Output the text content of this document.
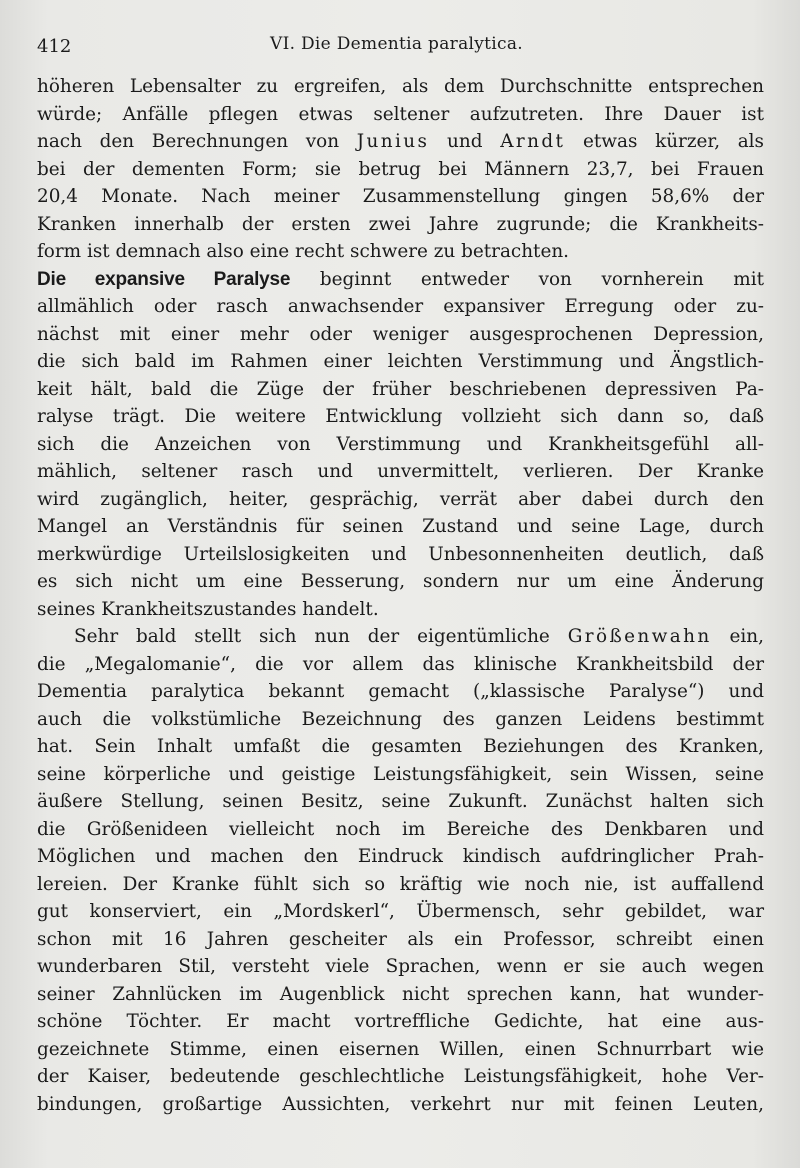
412	VI. Die Dementia paralytica.
höheren Lebensalter zu ergreifen, als dem Durchschnitte entsprechen
würde; Anfälle pflegen etwas seltener aufzutreten. Ihre Dauer ist
nach den Berechnungen von Junius und Arndt etwas kürzer, als
bei der dementen Form; sie betrug bei Männern 23,7, bei Frauen
20,4 Monate. Nach meiner Zusammenstellung gingen 58,6% der
Kranken innerhalb der ersten zwei Jahre zugrunde; die Krankheits-
form ist demnach also eine recht schwere zu betrachten.
Die expansive Paralyse beginnt entweder von vornherein mit
allmählich oder rasch anwachsender expansiver Erregung oder zu-
nächst mit einer mehr oder weniger ausgesprochenen Depression,
die sich bald im Rahmen einer leichten Verstimmung und Ängstlich-
keit hält, bald die Züge der früher beschriebenen depressiven Pa-
ralyse trägt. Die weitere Entwicklung vollzieht sich dann so, daß
sich die Anzeichen von Verstimmung und Krankheitsgefühl all-
mählich, seltener rasch und unvermittelt, verlieren. Der Kranke
wird zugänglich, heiter, gesprächig, verrät aber dabei durch den
Mangel an Verständnis für seinen Zustand und seine Lage, durch
merkwürdige Urteilslosigkeiten und Unbesonnenheiten deutlich, daß
es sich nicht um eine Besserung, sondern nur um eine Änderung
seines Krankheitszustandes handelt.
Sehr bald stellt sich nun der eigentümliche Größenwahn ein,
die „Megalomanie“, die vor allem das klinische Krankheitsbild der
Dementia paralytica bekannt gemacht („klassische Paralyse“) und
auch die volkstümliche Bezeichnung des ganzen Leidens bestimmt
hat. Sein Inhalt umfaßt die gesamten Beziehungen des Kranken,
seine körperliche und geistige Leistungsfähigkeit, sein Wissen, seine
äußere Stellung, seinen Besitz, seine Zukunft. Zunächst halten sich
die Größenideen vielleicht noch im Bereiche des Denkbaren und
Möglichen und machen den Eindruck kindisch aufdringlicher Prah-
lereien. Der Kranke fühlt sich so kräftig wie noch nie, ist auffallend
gut konserviert, ein „Mordskerl“, Übermensch, sehr gebildet, war
schon mit 16 Jahren gescheiter als ein Professor, schreibt einen
wunderbaren Stil, versteht viele Sprachen, wenn er sie auch wegen
seiner Zahnlücken im Augenblick nicht sprechen kann, hat wunder-
schöne Töchter. Er macht vortreffliche Gedichte, hat eine aus-
gezeichnete Stimme, einen eisernen Willen, einen Schnurrbart wie
der Kaiser, bedeutende geschlechtliche Leistungsfähigkeit, hohe Ver-
bindungen, großartige Aussichten, verkehrt nur mit feinen Leuten,
